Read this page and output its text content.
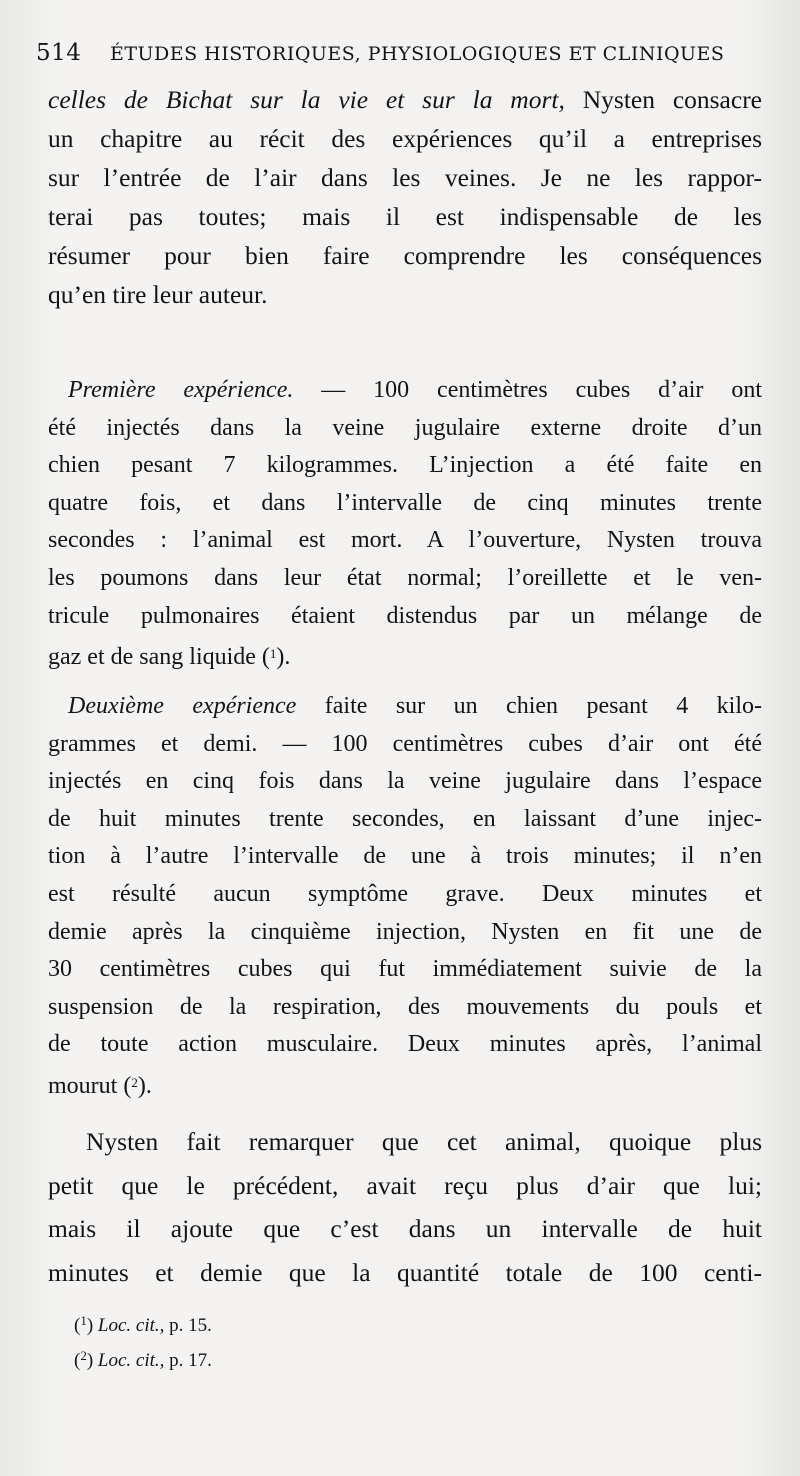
514 ÉTUDES HISTORIQUES, PHYSIOLOGIQUES ET CLINIQUES
celles de Bichat sur la vie et sur la mort, Nysten consacre
un chapitre au récit des expériences qu’il a entreprises
sur l’entrée de l’air dans les veines. Je ne les rappor-
terai pas toutes; mais il est indispensable de les
résumer pour bien faire comprendre les conséquences
qu’en tire leur auteur.
Première expérience. — 100 centimètres cubes d’air ont
été injectés dans la veine jugulaire externe droite d’un
chien pesant 7 kilogrammes. L’injection a été faite en
quatre fois, et dans l’intervalle de cinq minutes trente
secondes : l’animal est mort. A l’ouverture, Nysten trouva
les poumons dans leur état normal; l’oreillette et le ven-
tricule pulmonaires étaient distendus par un mélange de
gaz et de sang liquide ($^1$).
Deuxième expérience faite sur un chien pesant 4 kilo-
grammes et demi. — 100 centimètres cubes d’air ont été
injectés en cinq fois dans la veine jugulaire dans l’espace
de huit minutes trente secondes, en laissant d’une injec-
tion à l’autre l’intervalle de une à trois minutes; il n’en
est résulté aucun symptôme grave. Deux minutes et
demie après la cinquième injection, Nysten en fit une de
30 centimètres cubes qui fut immédiatement suivie de la
suspension de la respiration, des mouvements du pouls et
de toute action musculaire. Deux minutes après, l’animal
mourut ($^2$).
Nysten fait remarquer que cet animal, quoique plus
petit que le précédent, avait reçu plus d’air que lui;
mais il ajoute que c’est dans un intervalle de huit
minutes et demie que la quantité totale de 100 centi-
($^1$) Loc. cit., p. 15.
($^2$) Loc. cit., p. 17.
